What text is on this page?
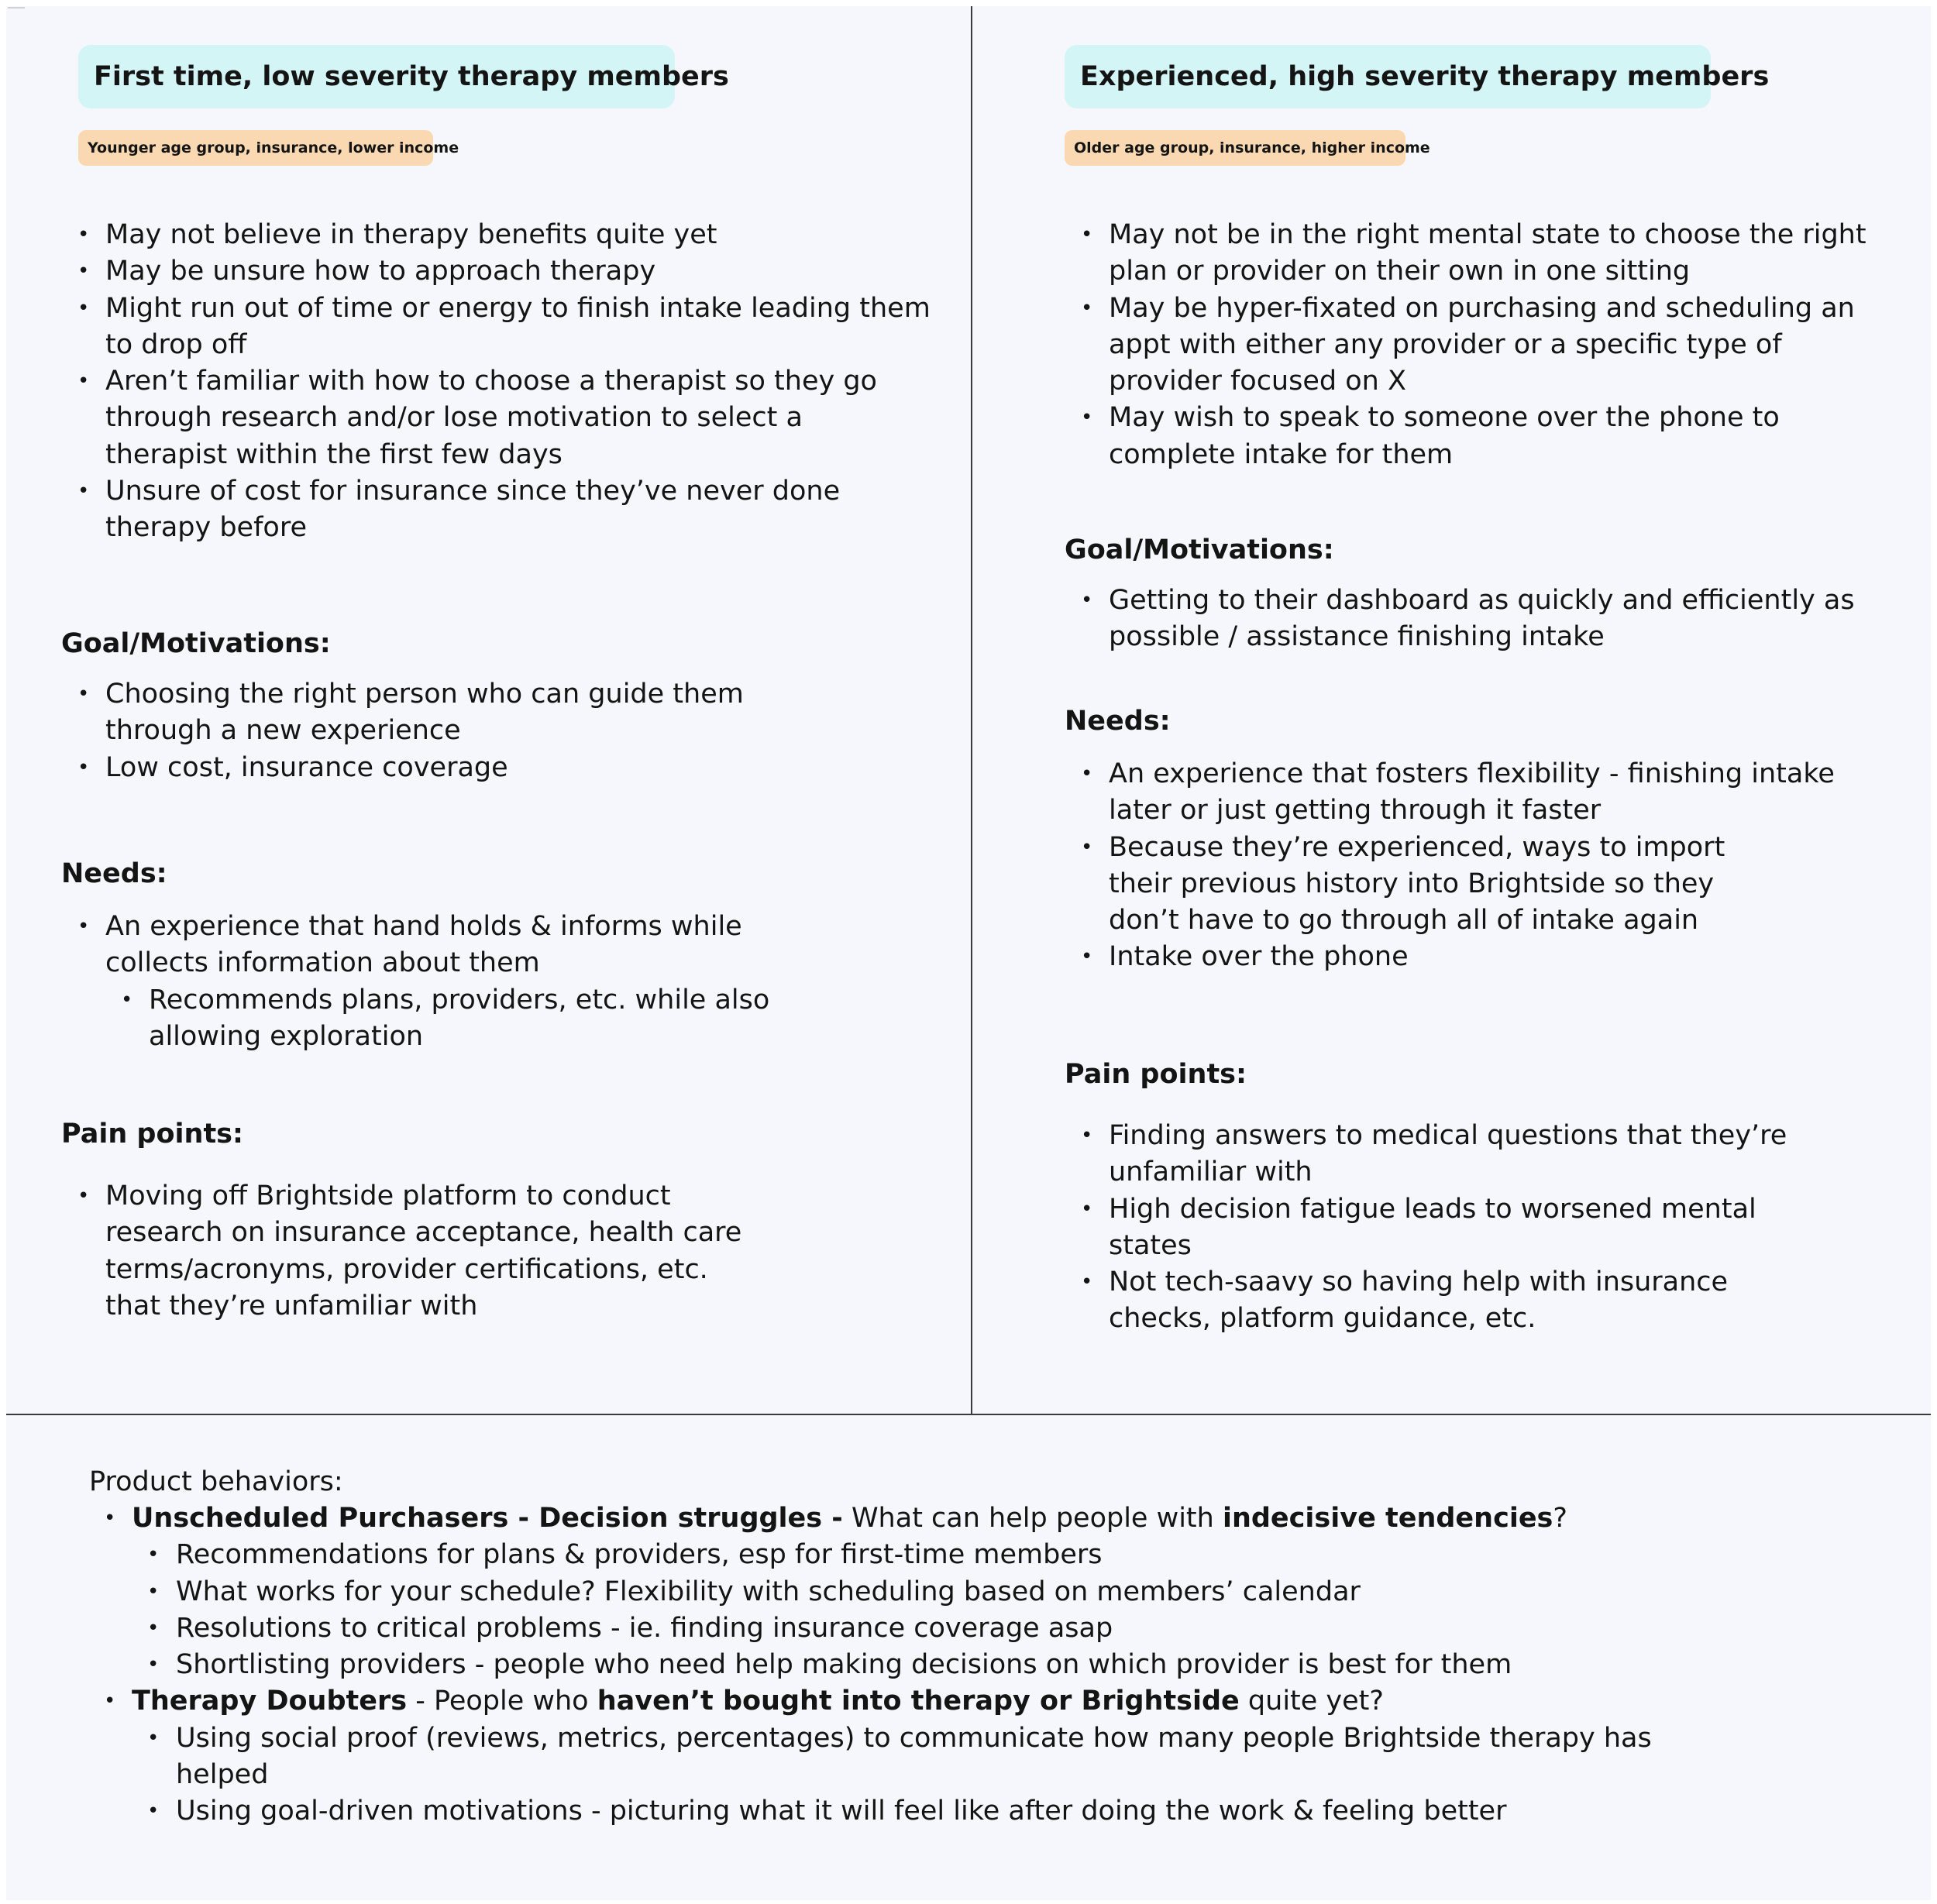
First time, low severity therapy members
Younger age group, insurance, lower income
• May not believe in therapy benefits quite yet
• May be unsure how to approach therapy
• Might run out of time or energy to finish intake leading them to drop off
• Aren’t familiar with how to choose a therapist so they go through research and/or lose motivation to select a therapist within the first few days
• Unsure of cost for insurance since they’ve never done therapy before
Goal/Motivations:
• Choosing the right person who can guide them through a new experience
• Low cost, insurance coverage
Needs:
• An experience that hand holds & informs while collects information about them
• Recommends plans, providers, etc. while also allowing exploration
Pain points:
• Moving off Brightside platform to conduct research on insurance acceptance, health care terms/acronyms, provider certifications, etc. that they’re unfamiliar with
Experienced, high severity therapy members
Older age group, insurance, higher income
• May not be in the right mental state to choose the right plan or provider on their own in one sitting
• May be hyper-fixated on purchasing and scheduling an appt with either any provider or a specific type of provider focused on X
• May wish to speak to someone over the phone to complete intake for them
Goal/Motivations:
• Getting to their dashboard as quickly and efficiently as possible / assistance finishing intake
Needs:
• An experience that fosters flexibility - finishing intake later or just getting through it faster
• Because they’re experienced, ways to import their previous history into Brightside so they don’t have to go through all of intake again
• Intake over the phone
Pain points:
• Finding answers to medical questions that they’re unfamiliar with
• High decision fatigue leads to worsened mental states
• Not tech-saavy so having help with insurance checks, platform guidance, etc.
Product behaviors:
• Unscheduled Purchasers - Decision struggles - What can help people with indecisive tendencies?
• Recommendations for plans & providers, esp for first-time members
• What works for your schedule? Flexibility with scheduling based on members’ calendar
• Resolutions to critical problems - ie. finding insurance coverage asap
• Shortlisting providers - people who need help making decisions on which provider is best for them
• Therapy Doubters - People who haven’t bought into therapy or Brightside quite yet?
• Using social proof (reviews, metrics, percentages) to communicate how many people Brightside therapy has helped
• Using goal-driven motivations - picturing what it will feel like after doing the work & feeling better
